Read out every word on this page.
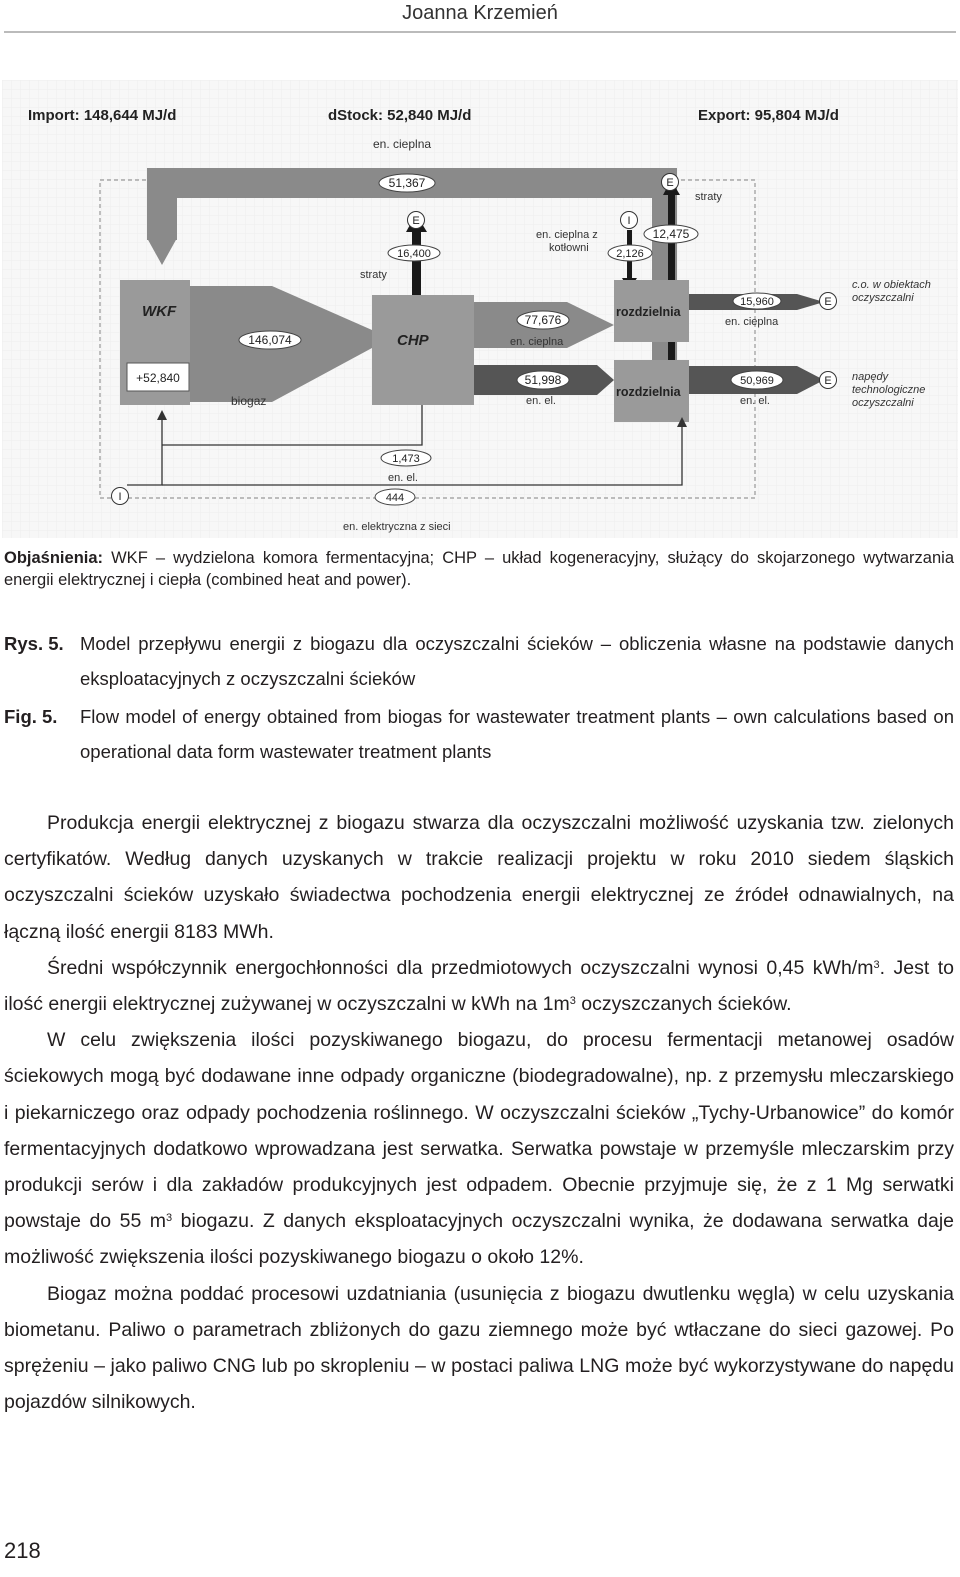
Joanna Krzemień
Import: 148,644 MJ/d	dStock: 52,840 MJ/d	Export: 95,804 MJ/d
en. cieplna
51,367	E
straty
12,475
I
en. cieplna z
kotłowni 2,126
E
16,400
straty
WKF
+52,840
146,074
biogaz
CHP
77,676
en. cieplna
rozdzielnia
15,960
en. cieplna
E
c.o. w obiektach
oczyszczalni
51,998
en. el.
rozdzielnia
50,969
en. el.
E napędy
technologiczne
oczyszczalni
I
1,473
en. el.
444
en. elektryczna z sieci
Objaśnienia: WKF – wydzielona komora fermentacyjna; CHP – układ kogeneracyjny, służący do skojarzonego wytwarzania energii elektrycznej i ciepła (combined heat and power).
Rys. 5. Model przepływu energii z biogazu dla oczyszczalni ścieków – obliczenia własne na podstawie danych eksploatacyjnych z oczyszczalni ścieków
Fig. 5. Flow model of energy obtained from biogas for wastewater treatment plants – own calculations based on operational data form wastewater treatment plants

Produkcja energii elektrycznej z biogazu stwarza dla oczyszczalni możliwość uzyskania tzw. zielonych certyfikatów. Według danych uzyskanych w trakcie realizacji projektu w roku 2010 siedem śląskich oczyszczalni ścieków uzyskało świadectwa pochodzenia energii elektrycznej ze źródeł odnawialnych, na łączną ilość energii 8183 MWh.

Średni współczynnik energochłonności dla przedmiotowych oczyszczalni wynosi 0,45 kWh/$m^3$. Jest to ilość energii elektrycznej zużywanej w oczyszczalni w kWh na $1m^3$ oczyszczanych ścieków.

W celu zwiększenia ilości pozyskiwanego biogazu, do procesu fermentacji metanowej osadów ściekowych mogą być dodawane inne odpady organiczne (biodegradowalne), np. z przemysłu mleczarskiego i piekarniczego oraz odpady pochodzenia roślinnego. W oczyszczalni ścieków „Tychy-Urbanowice” do komór fermentacyjnych dodatkowo wprowadzana jest serwatka. Serwatka powstaje w przemyśle mleczarskim przy produkcji serów i dla zakładów produkcyjnych jest odpadem. Obecnie przyjmuje się, że z 1 Mg serwatki powstaje do 55 $m^3$ biogazu. Z danych eksploatacyjnych oczyszczalni wynika, że dodawana serwatka daje możliwość zwiększenia ilości pozyskiwanego biogazu o około 12%.

Biogaz można poddać procesowi uzdatniania (usunięcia z biogazu dwutlenku węgla) w celu uzyskania biometanu. Paliwo o parametrach zbliżonych do gazu ziemnego może być wtłaczane do sieci gazowej. Po sprężeniu – jako paliwo CNG lub po skropleniu – w postaci paliwa LNG może być wykorzystywane do napędu pojazdów silnikowych.

218
